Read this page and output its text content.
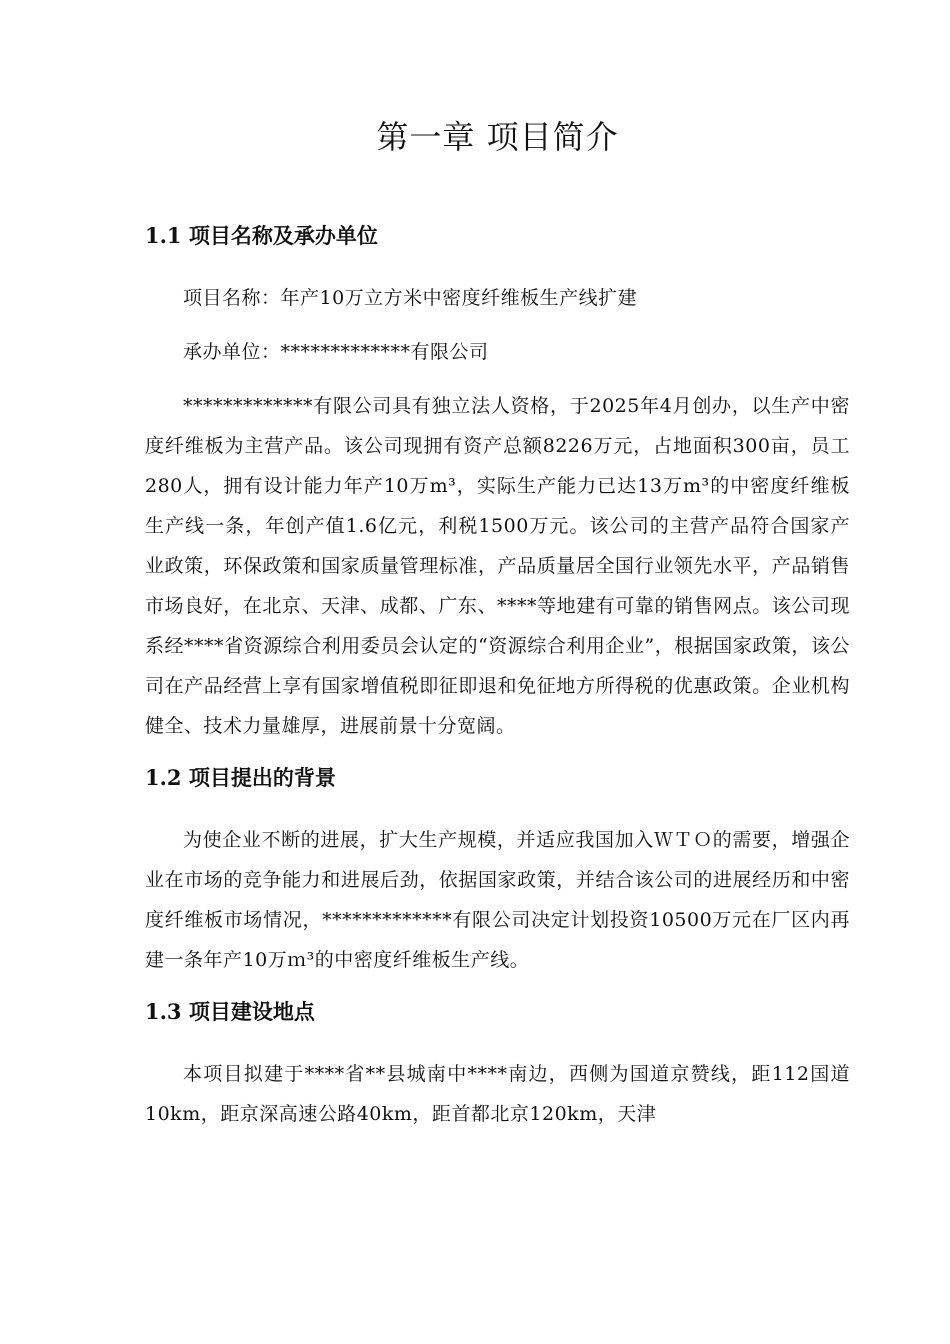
第一章 项目简介
1.1 项目名称及承办单位

项目名称：年产10万立方米中密度纤维板生产线扩建

承办单位：*************有限公司

*************有限公司具有独立法人资格，于2025年4月创办，以生产中密度纤维板为主营产品。该公司现拥有资产总额8226万元，占地面积300亩，员工280人，拥有设计能力年产10万m³，实际生产能力已达13万m³的中密度纤维板生产线一条，年创产值1.6亿元，利税1500万元。该公司的主营产品符合国家产业政策，环保政策和国家质量管理标准，产品质量居全国行业领先水平，产品销售市场良好，在北京、天津、成都、广东、****等地建有可靠的销售网点。该公司现系经****省资源综合利用委员会认定的“资源综合利用企业”，根据国家政策，该公司在产品经营上享有国家增值税即征即退和免征地方所得税的优惠政策。企业机构健全、技术力量雄厚，进展前景十分宽阔。

1.2 项目提出的背景

为使企业不断的进展，扩大生产规模，并适应我国加入ＷＴＯ的需要，增强企业在市场的竞争能力和进展后劲，依据国家政策，并结合该公司的进展经历和中密度纤维板市场情况，*************有限公司决定计划投资10500万元在厂区内再建一条年产10万ｍ³的中密度纤维板生产线。

1.3 项目建设地点

本项目拟建于****省**县城南中****南边，西侧为国道京赞线，距112国道10km，距京深高速公路40km，距首都北京120km，天津
